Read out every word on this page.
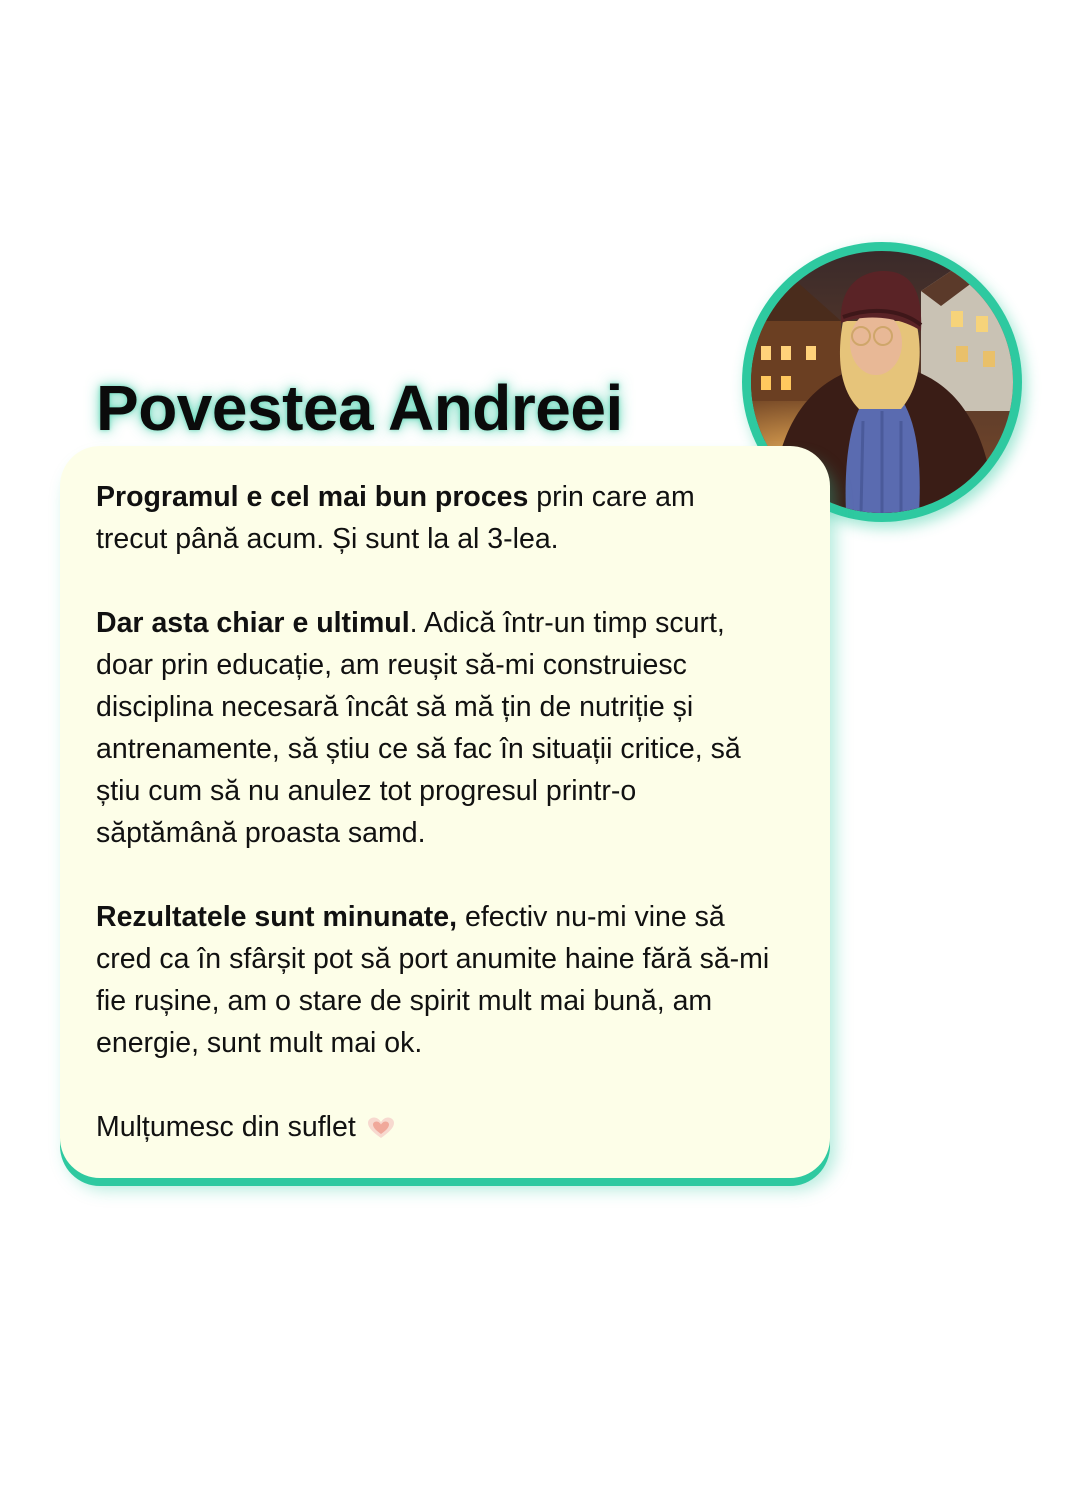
Povestea Andreei

Programul e cel mai bun proces prin care am trecut până acum. Și sunt la al 3-lea.

Dar asta chiar e ultimul. Adică într-un timp scurt, doar prin educație, am reușit să-mi construiesc disciplina necesară încât să mă țin de nutriție și antrenamente, să știu ce să fac în situații critice, să știu cum să nu anulez tot progresul printr-o săptămână proasta samd.

Rezultatele sunt minunate, efectiv nu-mi vine să cred ca în sfârșit pot să port anumite haine fără să-mi fie rușine, am o stare de spirit mult mai bună, am energie, sunt mult mai ok.

Mulțumesc din suflet
